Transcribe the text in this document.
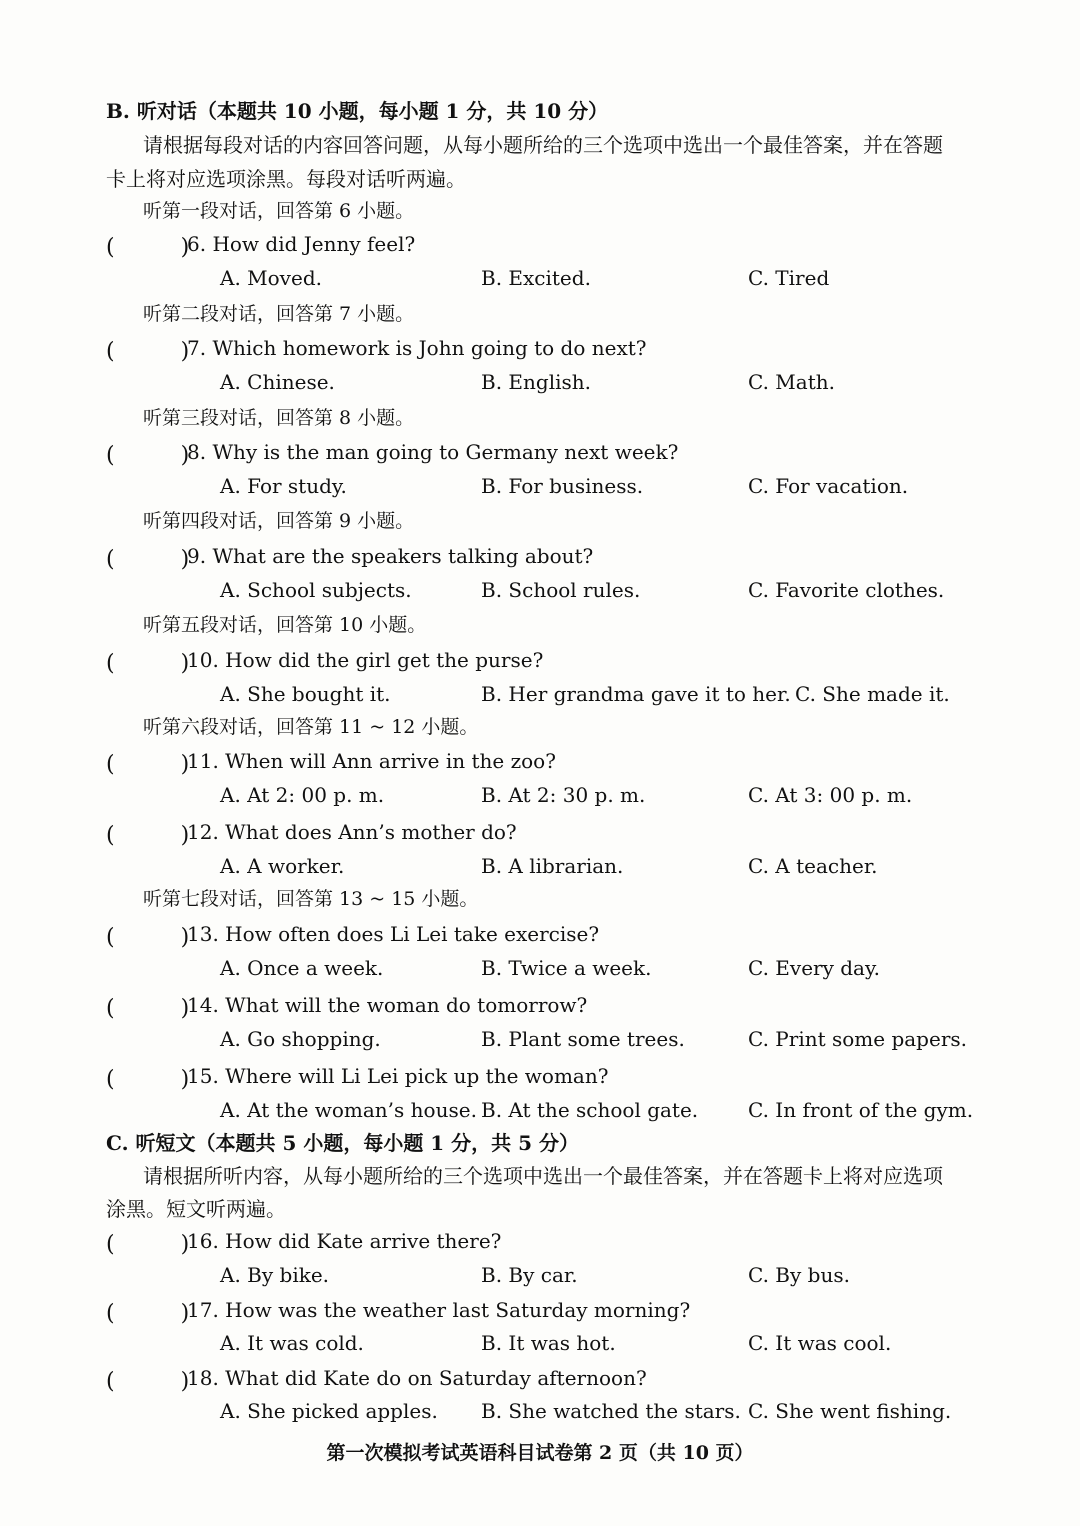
B. 听对话（本题共 10 小题，每小题 1 分，共 10 分）
请根据每段对话的内容回答问题，从每小题所给的三个选项中选出一个最佳答案，并在答题
卡上将对应选项涂黑。每段对话听两遍。
听第一段对话，回答第 6 小题。
(　　　)
6. How did Jenny feel?
A. Moved.	B. Excited.	C. Tired
听第二段对话，回答第 7 小题。
(　　　)
7. Which homework is John going to do next?
A. Chinese.	B. English.	C. Math.
听第三段对话，回答第 8 小题。
(　　　)
8. Why is the man going to Germany next week?
A. For study.	B. For business.	C. For vacation.
听第四段对话，回答第 9 小题。
(　　　)
9. What are the speakers talking about?
A. School subjects.	B. School rules.	C. Favorite clothes.
听第五段对话，回答第 10 小题。
(　　　)
10. How did the girl get the purse?
A. She bought it.	B. Her grandma gave it to her. C. She made it.
听第六段对话，回答第 11 ~ 12 小题。
(　　　)
11. When will Ann arrive in the zoo?
A. At 2: 00 p. m.	B. At 2: 30 p. m.	C. At 3: 00 p. m.
(　　　)
12. What does Ann’s mother do?
A. A worker.	B. A librarian.	C. A teacher.
听第七段对话，回答第 13 ~ 15 小题。
(　　　)
13. How often does Li Lei take exercise?
A. Once a week.	B. Twice a week.	C. Every day.
(　　　)
14. What will the woman do tomorrow?
A. Go shopping.	B. Plant some trees.	C. Print some papers.
(　　　)
15. Where will Li Lei pick up the woman?
A. At the woman’s house. B. At the school gate. C. In front of the gym.
C. 听短文（本题共 5 小题，每小题 1 分，共 5 分）
请根据所听内容，从每小题所给的三个选项中选出一个最佳答案，并在答题卡上将对应选项
涂黑。短文听两遍。
(　　　)
16. How did Kate arrive there?
A. By bike.	B. By car.	C. By bus.
(　　　)
17. How was the weather last Saturday morning?
A. It was cold.	B. It was hot.	C. It was cool.
(　　　)
18. What did Kate do on Saturday afternoon?
A. She picked apples. B. She watched the stars. C. She went fishing.
第一次模拟考试英语科目试卷第 2 页（共 10 页）
